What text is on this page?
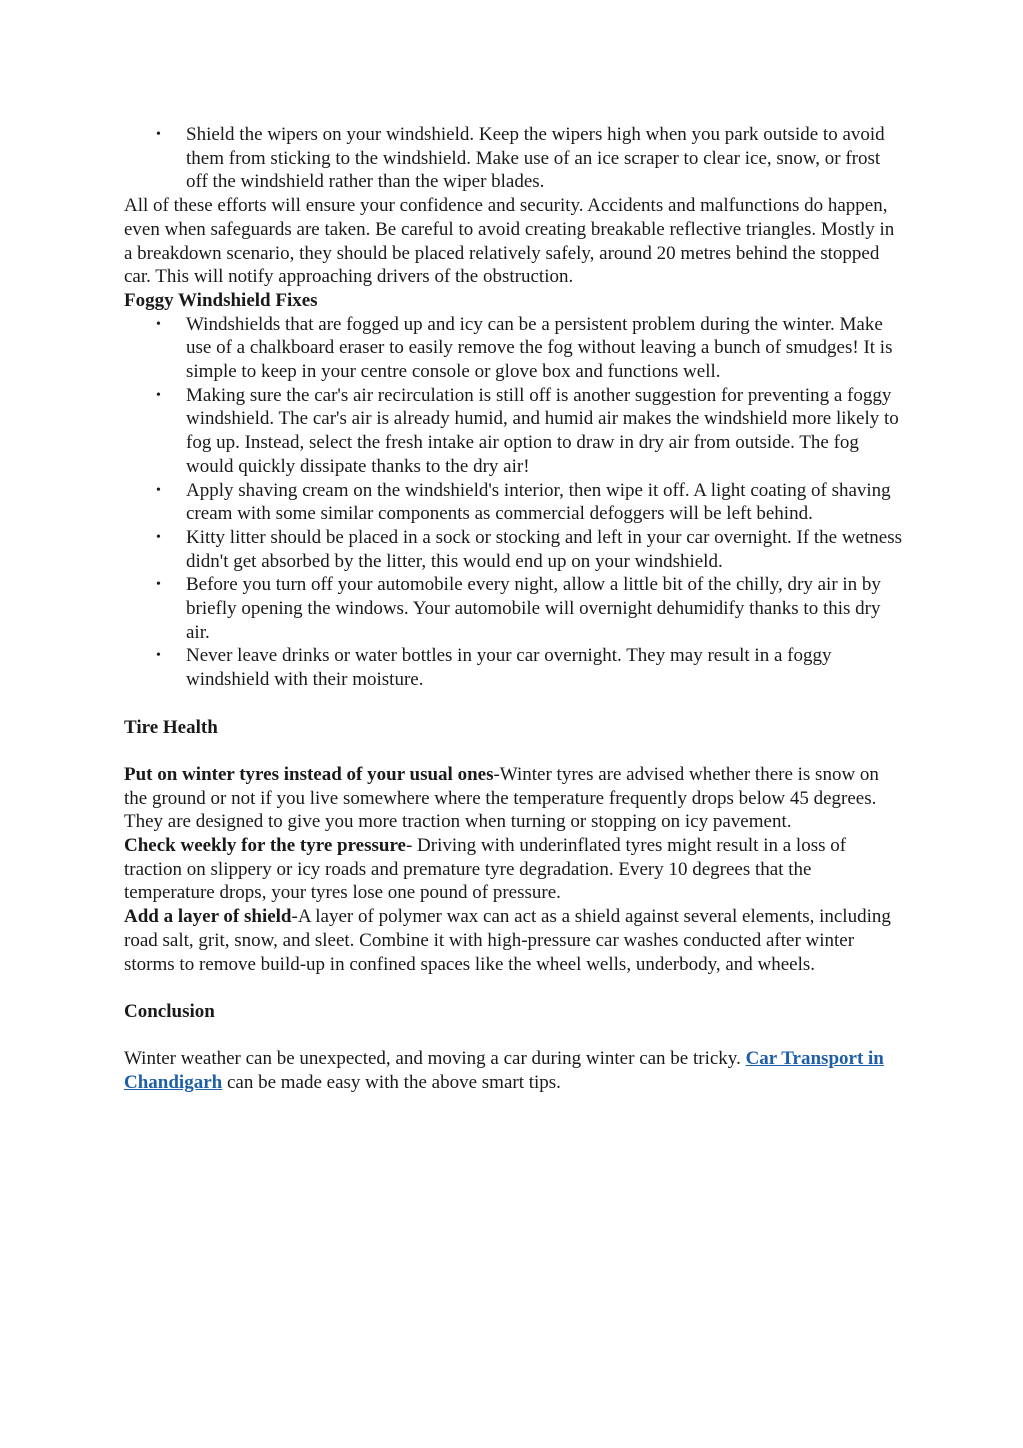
• Shield the wipers on your windshield. Keep the wipers high when you park outside to avoid them from sticking to the windshield. Make use of an ice scraper to clear ice, snow, or frost off the windshield rather than the wiper blades.

All of these efforts will ensure your confidence and security. Accidents and malfunctions do happen, even when safeguards are taken. Be careful to avoid creating breakable reflective triangles. Mostly in a breakdown scenario, they should be placed relatively safely, around 20 metres behind the stopped car. This will notify approaching drivers of the obstruction.

Foggy Windshield Fixes

• Windshields that are fogged up and icy can be a persistent problem during the winter. Make use of a chalkboard eraser to easily remove the fog without leaving a bunch of smudges! It is simple to keep in your centre console or glove box and functions well.
• Making sure the car's air recirculation is still off is another suggestion for preventing a foggy windshield. The car's air is already humid, and humid air makes the windshield more likely to fog up. Instead, select the fresh intake air option to draw in dry air from outside. The fog would quickly dissipate thanks to the dry air!
• Apply shaving cream on the windshield's interior, then wipe it off. A light coating of shaving cream with some similar components as commercial defoggers will be left behind.
• Kitty litter should be placed in a sock or stocking and left in your car overnight. If the wetness didn't get absorbed by the litter, this would end up on your windshield.
• Before you turn off your automobile every night, allow a little bit of the chilly, dry air in by briefly opening the windows. Your automobile will overnight dehumidify thanks to this dry air.
• Never leave drinks or water bottles in your car overnight. They may result in a foggy windshield with their moisture.

Tire Health

Put on winter tyres instead of your usual ones-Winter tyres are advised whether there is snow on the ground or not if you live somewhere where the temperature frequently drops below 45 degrees. They are designed to give you more traction when turning or stopping on icy pavement.

Check weekly for the tyre pressure- Driving with underinflated tyres might result in a loss of traction on slippery or icy roads and premature tyre degradation. Every 10 degrees that the temperature drops, your tyres lose one pound of pressure.

Add a layer of shield-A layer of polymer wax can act as a shield against several elements, including road salt, grit, snow, and sleet. Combine it with high-pressure car washes conducted after winter storms to remove build-up in confined spaces like the wheel wells, underbody, and wheels.

Conclusion

Winter weather can be unexpected, and moving a car during winter can be tricky. Car Transport in Chandigarh can be made easy with the above smart tips.
